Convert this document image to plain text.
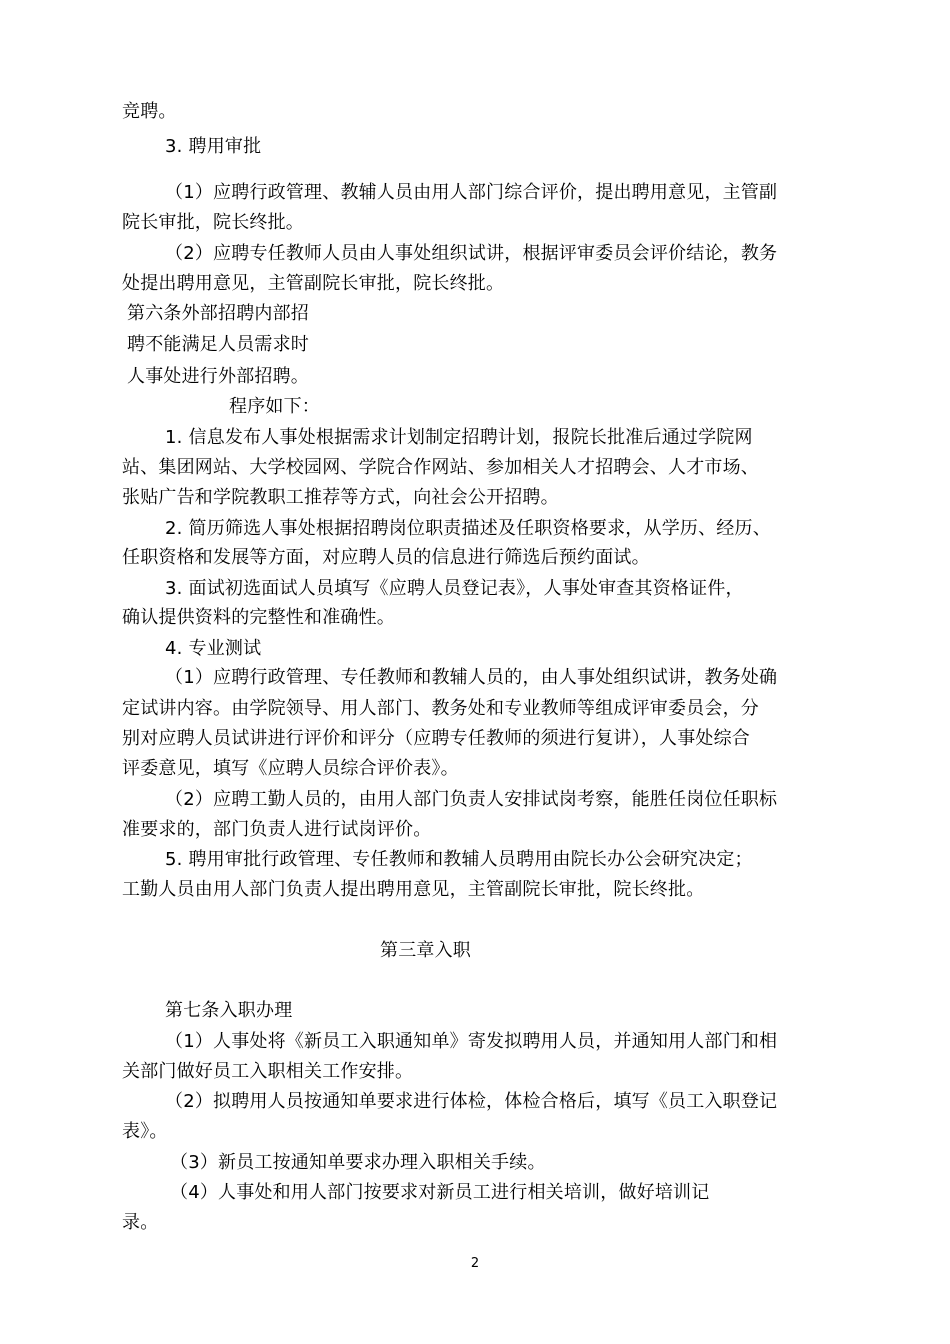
竞聘。
3. 聘用审批
（1）应聘行政管理、教辅人员由用人部门综合评价，提出聘用意见，主管副
院长审批，院长终批。
（2）应聘专任教师人员由人事处组织试讲，根据评审委员会评价结论，教务
处提出聘用意见，主管副院长审批，院长终批。
第六条外部招聘内部招
聘不能满足人员需求时
人事处进行外部招聘。
程序如下：
1. 信息发布人事处根据需求计划制定招聘计划，报院长批准后通过学院网
站、集团网站、大学校园网、学院合作网站、参加相关人才招聘会、人才市场、
张贴广告和学院教职工推荐等方式，向社会公开招聘。
2. 简历筛选人事处根据招聘岗位职责描述及任职资格要求，从学历、经历、
任职资格和发展等方面，对应聘人员的信息进行筛选后预约面试。
3. 面试初选面试人员填写《应聘人员登记表》，人事处审查其资格证件，
确认提供资料的完整性和准确性。
4. 专业测试
（1）应聘行政管理、专任教师和教辅人员的，由人事处组织试讲，教务处确
定试讲内容。由学院领导、用人部门、教务处和专业教师等组成评审委员会，分
别对应聘人员试讲进行评价和评分（应聘专任教师的须进行复讲），人事处综合
评委意见，填写《应聘人员综合评价表》。
（2）应聘工勤人员的，由用人部门负责人安排试岗考察，能胜任岗位任职标
准要求的，部门负责人进行试岗评价。
5. 聘用审批行政管理、专任教师和教辅人员聘用由院长办公会研究决定；
工勤人员由用人部门负责人提出聘用意见，主管副院长审批，院长终批。
第三章入职
第七条入职办理
（1）人事处将《新员工入职通知单》寄发拟聘用人员，并通知用人部门和相
关部门做好员工入职相关工作安排。
（2）拟聘用人员按通知单要求进行体检，体检合格后，填写《员工入职登记
表》。
（3）新员工按通知单要求办理入职相关手续。
（4）人事处和用人部门按要求对新员工进行相关培训，做好培训记
录。
2
